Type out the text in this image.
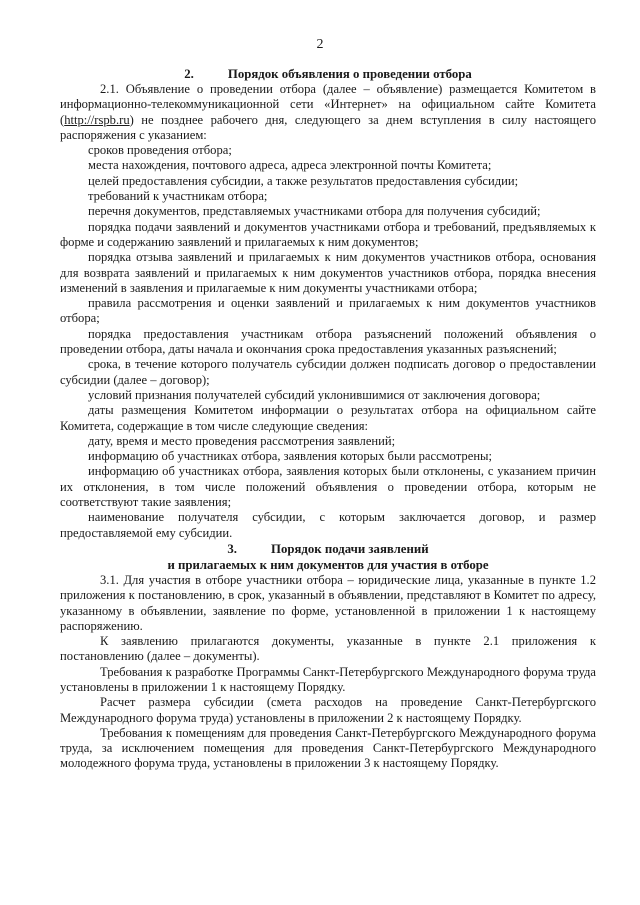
2

2.	Порядок объявления о проведении отбора

2.1. Объявление о проведении отбора (далее – объявление) размещается Комитетом в информационно-телекоммуникационной сети «Интернет» на официальном сайте Комитета (http://rspb.ru) не позднее рабочего дня, следующего за днем вступления в силу настоящего распоряжения с указанием:

сроков проведения отбора;

места нахождения, почтового адреса, адреса электронной почты Комитета;

целей предоставления субсидии, а также результатов предоставления субсидии;

требований к участникам отбора;

перечня документов, представляемых участниками отбора для получения субсидий;

порядка подачи заявлений и документов участниками отбора и требований, предъявляемых к форме и содержанию заявлений и прилагаемых к ним документов;

порядка отзыва заявлений и прилагаемых к ним документов участников отбора, основания для возврата заявлений и прилагаемых к ним документов участников отбора, порядка внесения изменений в заявления и прилагаемые к ним документы участниками отбора;

правила рассмотрения и оценки заявлений и прилагаемых к ним документов участников отбора;

порядка предоставления участникам отбора разъяснений положений объявления о проведении отбора, даты начала и окончания срока предоставления указанных разъяснений;

срока, в течение которого получатель субсидии должен подписать договор о предоставлении субсидии (далее – договор);

условий признания получателей субсидий уклонившимися от заключения договора;

даты размещения Комитетом информации о результатах отбора на официальном сайте Комитета, содержащие в том числе следующие сведения:

дату, время и место проведения рассмотрения заявлений;

информацию об участниках отбора, заявления которых были рассмотрены;

информацию об участниках отбора, заявления которых были отклонены, с указанием причин их отклонения, в том числе положений объявления о проведении отбора, которым не соответствуют такие заявления;

наименование получателя субсидии, с которым заключается договор, и размер предоставляемой ему субсидии.

3.	Порядок подачи заявлений
и прилагаемых к ним документов для участия в отборе

3.1. Для участия в отборе участники отбора – юридические лица, указанные в пункте 1.2 приложения к постановлению, в срок, указанный в объявлении, представляют в Комитет по адресу, указанному в объявлении, заявление по форме, установленной в приложении 1 к настоящему распоряжению.

К заявлению прилагаются документы, указанные в пункте 2.1 приложения к постановлению (далее – документы).

Требования к разработке Программы Санкт-Петербургского Международного форума труда установлены в приложении 1 к настоящему Порядку.

Расчет размера субсидии (смета расходов на проведение Санкт-Петербургского Международного форума труда) установлены в приложении 2 к настоящему Порядку.

Требования к помещениям для проведения Санкт-Петербургского Международного форума труда, за исключением помещения для проведения Санкт-Петербургского Международного молодежного форума труда, установлены в приложении 3 к настоящему Порядку.
